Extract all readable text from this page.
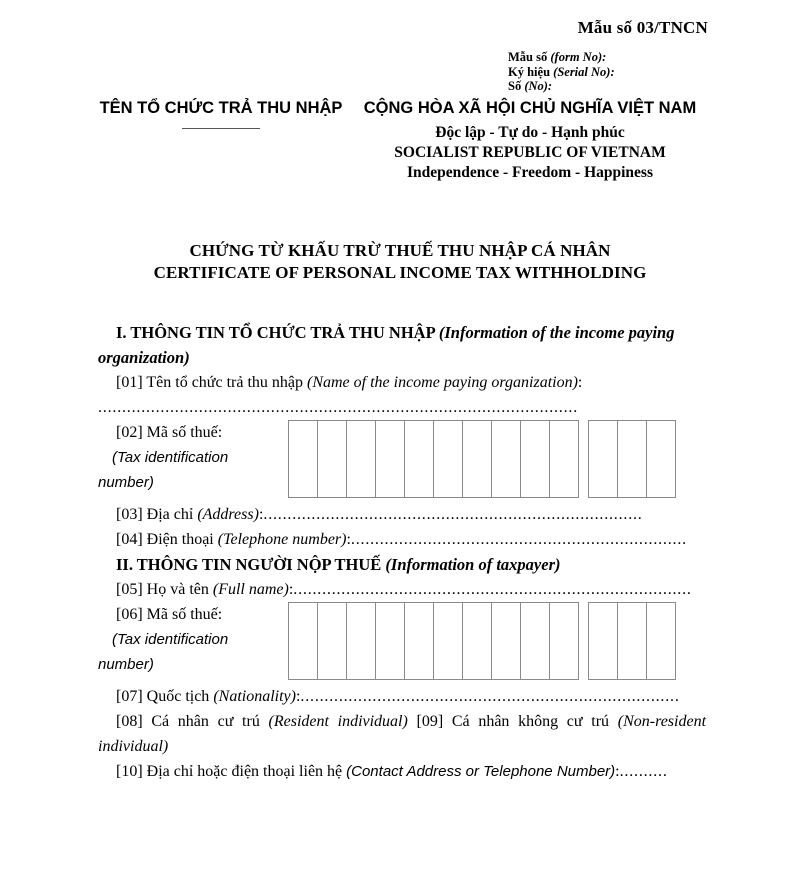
Mẫu số 03/TNCN
Mẫu số (form No):
Ký hiệu (Serial No):
Số (No):
TÊN TỔ CHỨC TRẢ THU NHẬP CỘNG HÒA XÃ HỘI CHỦ NGHĨA VIỆT NAM
Độc lập - Tự do - Hạnh phúc
SOCIALIST REPUBLIC OF VIETNAM
Independence - Freedom - Happiness
CHỨNG TỪ KHẤU TRỪ THUẾ THU NHẬP CÁ NHÂN
CERTIFICATE OF PERSONAL INCOME TAX WITHHOLDING

I. THÔNG TIN TỔ CHỨC TRẢ THU NHẬP (Information of the income paying organization)

[01] Tên tổ chức trả thu nhập (Name of the income paying organization): ....................................................................................................

[02] Mã số thuế:
(Tax identification
number)

[03] Địa chỉ (Address):...............................................................................

[04] Điện thoại (Telephone number):......................................................................

II. THÔNG TIN NGƯỜI NỘP THUẾ (Information of taxpayer)

[05] Họ và tên (Full name):...................................................................................

[06] Mã số thuế:
(Tax identification
number)

[07] Quốc tịch (Nationality):...............................................................................

[08] Cá nhân cư trú (Resident individual) [09] Cá nhân không cư trú (Non-resident individual)

[10] Địa chỉ hoặc điện thoại liên hệ (Contact Address or Telephone Number):..........
